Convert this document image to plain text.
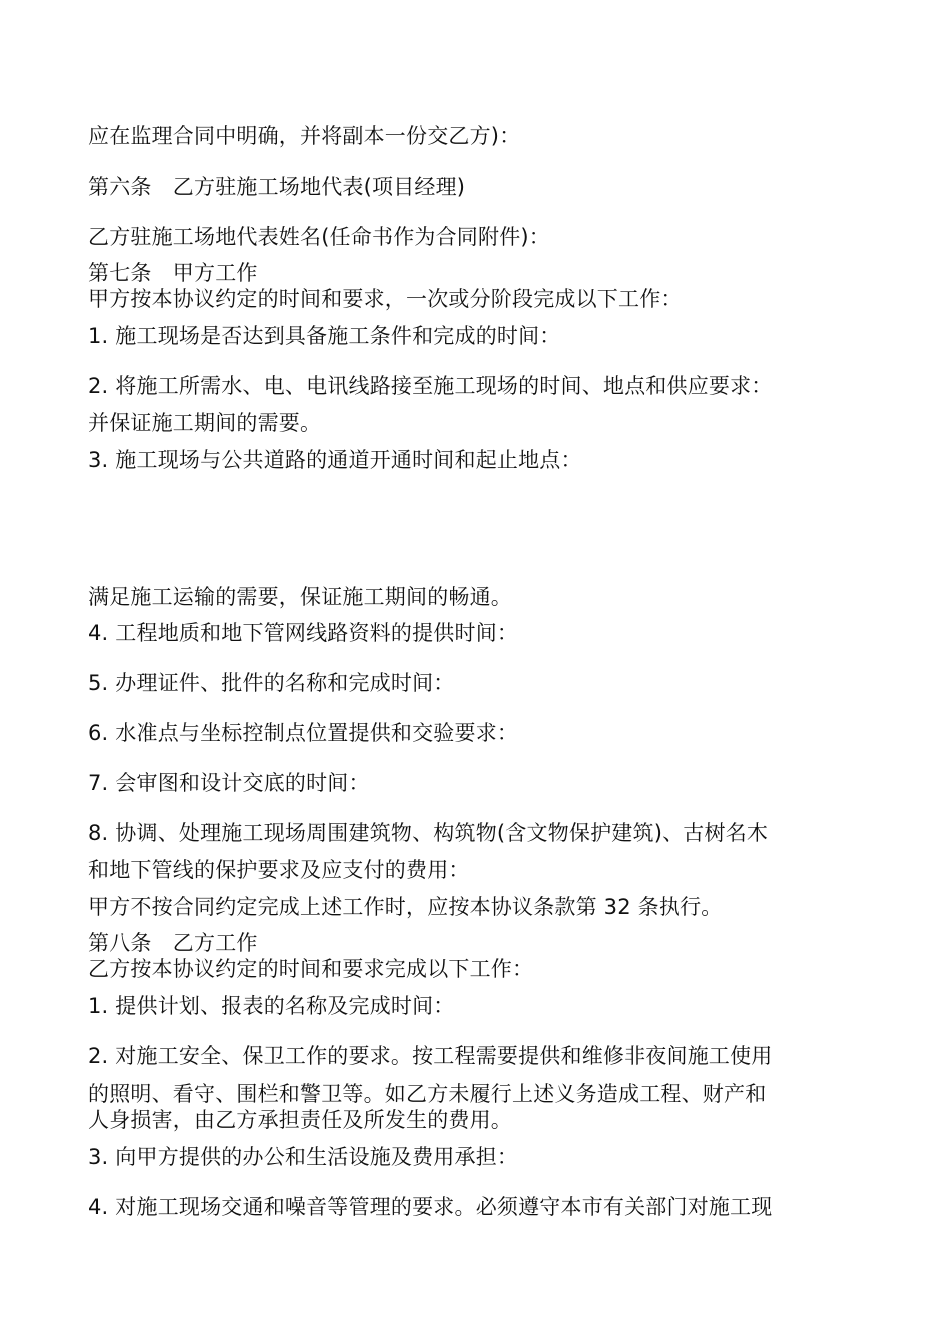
应在监理合同中明确，并将副本一份交乙方)：
第六条　乙方驻施工场地代表(项目经理)
乙方驻施工场地代表姓名(任命书作为合同附件)：
第七条　甲方工作
甲方按本协议约定的时间和要求，一次或分阶段完成以下工作：
1. 施工现场是否达到具备施工条件和完成的时间：
2. 将施工所需水、电、电讯线路接至施工现场的时间、地点和供应要求：
并保证施工期间的需要。
3. 施工现场与公共道路的通道开通时间和起止地点：
满足施工运输的需要，保证施工期间的畅通。
4. 工程地质和地下管网线路资料的提供时间：
5. 办理证件、批件的名称和完成时间：
6. 水准点与坐标控制点位置提供和交验要求：
7. 会审图和设计交底的时间：
8. 协调、处理施工现场周围建筑物、构筑物(含文物保护建筑)、古树名木
和地下管线的保护要求及应支付的费用：
甲方不按合同约定完成上述工作时，应按本协议条款第 32 条执行。
第八条　乙方工作
乙方按本协议约定的时间和要求完成以下工作：
1. 提供计划、报表的名称及完成时间：
2. 对施工安全、保卫工作的要求。按工程需要提供和维修非夜间施工使用
的照明、看守、围栏和警卫等。如乙方未履行上述义务造成工程、财产和
人身损害，由乙方承担责任及所发生的费用。
3. 向甲方提供的办公和生活设施及费用承担：
4. 对施工现场交通和噪音等管理的要求。必须遵守本市有关部门对施工现
